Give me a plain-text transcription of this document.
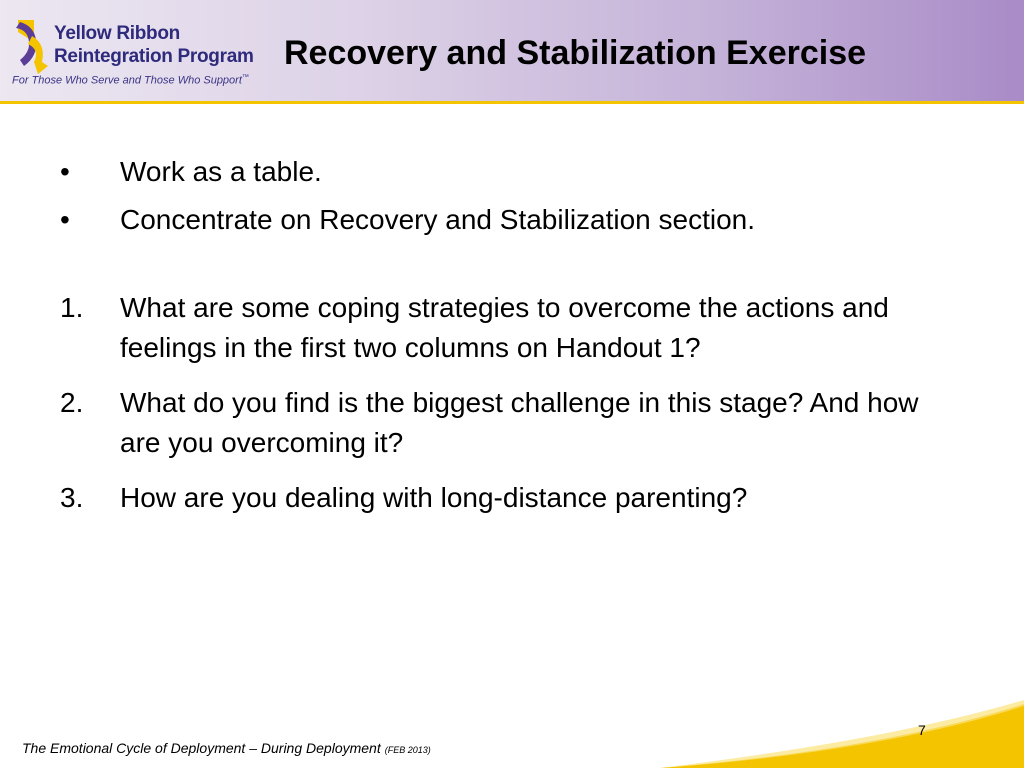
Yellow Ribbon
Reintegration Program
For Those Who Serve and Those Who Support™
Recovery and Stabilization Exercise
•	Work as a table.
•	Concentrate on Recovery and Stabilization section.
1.	What are some coping strategies to overcome the actions and feelings in the first two columns on Handout 1?
2.	What do you find is the biggest challenge in this stage? And how are you overcoming it?
3.	How are you dealing with long-distance parenting?
7
The Emotional Cycle of Deployment – During Deployment (FEB 2013)
